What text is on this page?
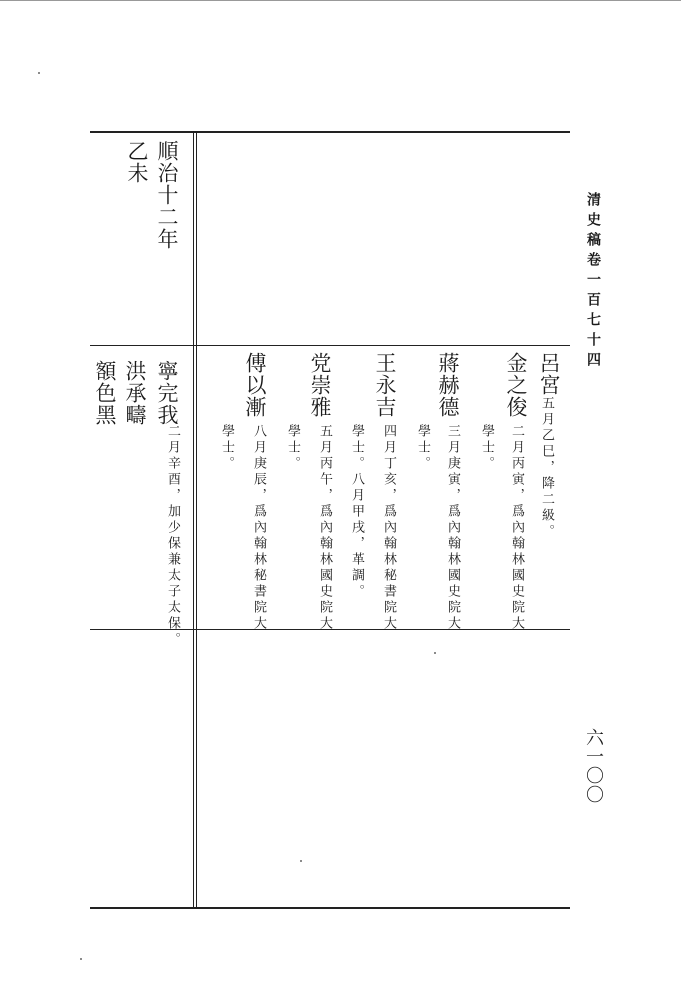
清史稿卷一百七十四
六一〇〇
順治十二年
乙未
寧完我
二月辛酉，加少保兼太子太保。
洪承疇
額色黑	呂宮
五月乙巳，降二級。
金之俊
二月丙寅，爲內翰林國史院大
學士。
蔣赫德
三月庚寅，爲內翰林國史院大
學士。
王永吉
四月丁亥，爲內翰林秘書院大
學士。八月甲戌，革調。
党崇雅
五月丙午，爲內翰林國史院大
學士。
傅以漸
八月庚辰，爲內翰林秘書院大
學士。
